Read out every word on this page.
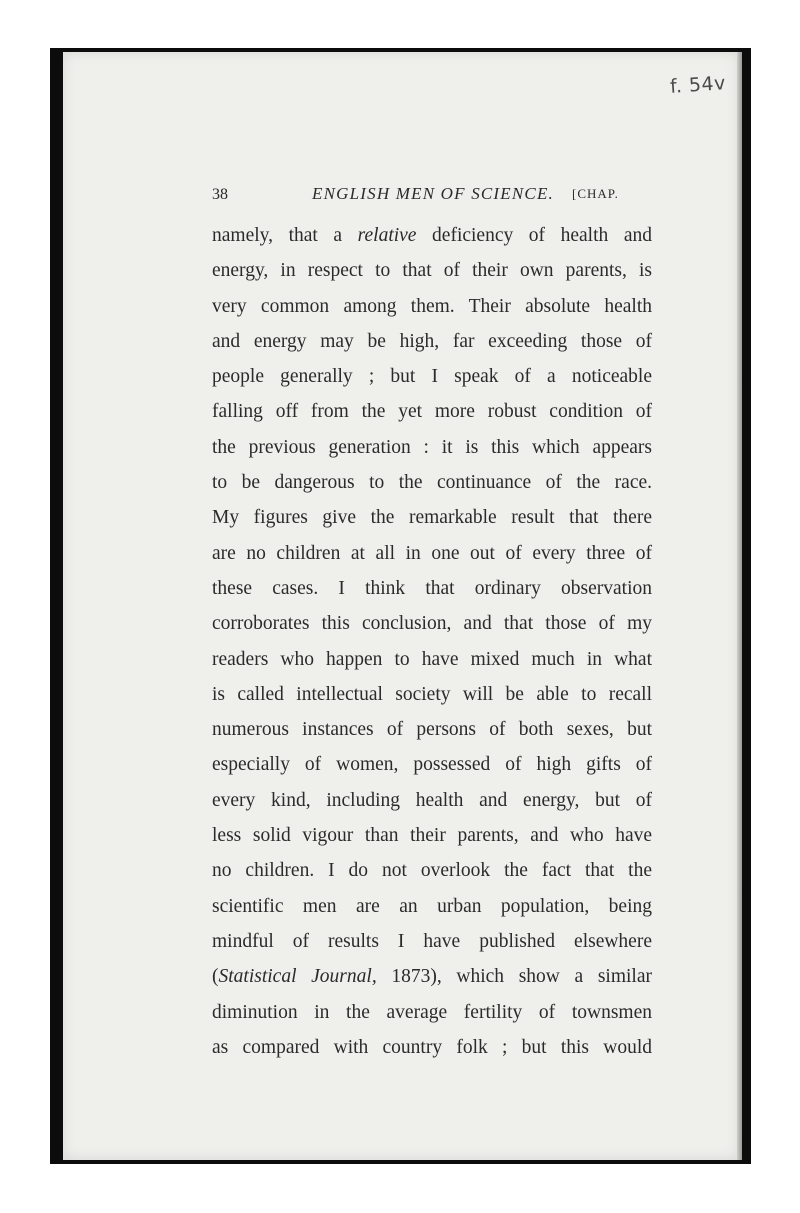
f. 54v
38	ENGLISH MEN OF SCIENCE. [CHAP.
namely, that a relative deficiency of health and
energy, in respect to that of their own parents, is
very common among them. Their absolute health
and energy may be high, far exceeding those of
people generally ; but I speak of a noticeable
falling off from the yet more robust condition of
the previous generation : it is this which appears
to be dangerous to the continuance of the race.
My figures give the remarkable result that there
are no children at all in one out of every three of
these cases. I think that ordinary observation
corroborates this conclusion, and that those of my
readers who happen to have mixed much in what
is called intellectual society will be able to recall
numerous instances of persons of both sexes, but
especially of women, possessed of high gifts of
every kind, including health and energy, but of
less solid vigour than their parents, and who have
no children. I do not overlook the fact that the
scientific men are an urban population, being
mindful of results I have published elsewhere
(Statistical Journal, 1873), which show a similar
diminution in the average fertility of townsmen
as compared with country folk ; but this would
